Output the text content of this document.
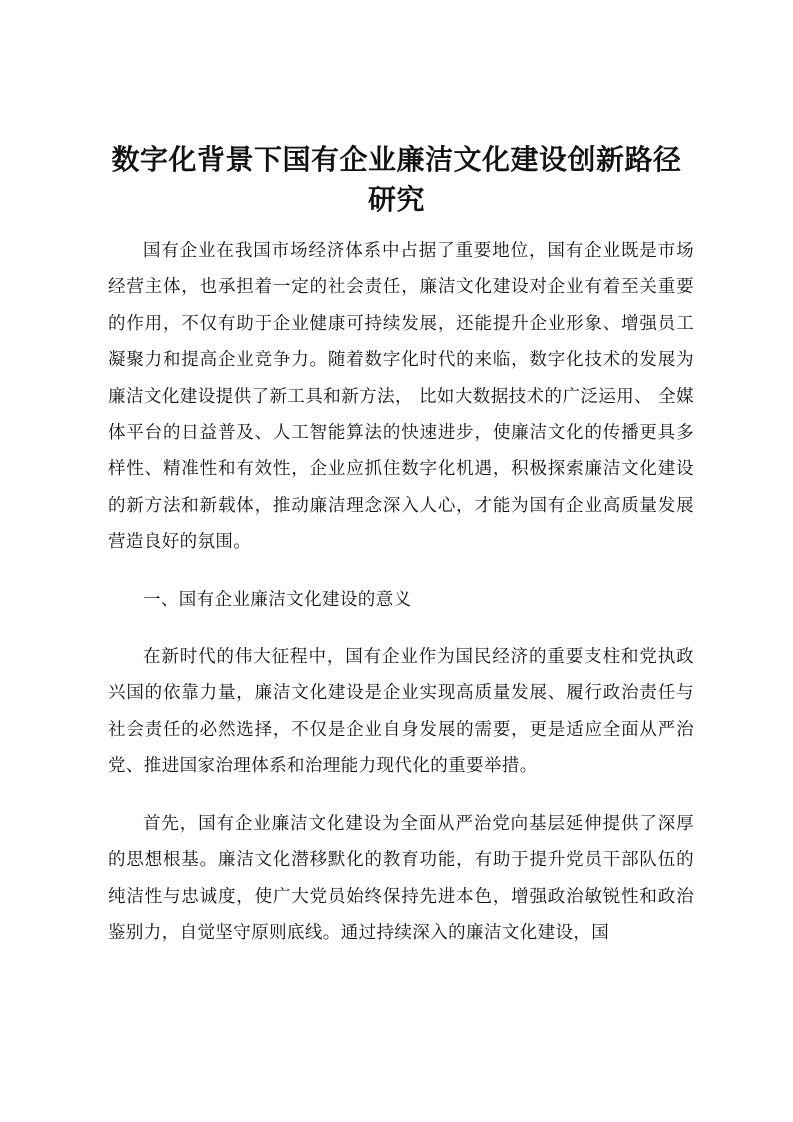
数字化背景下国有企业廉洁文化建设创新路径研究

国有企业在我国市场经济体系中占据了重要地位，国有企业既是市场经营主体，也承担着一定的社会责任，廉洁文化建设对企业有着至关重要的作用，不仅有助于企业健康可持续发展，还能提升企业形象、增强员工凝聚力和提高企业竞争力。随着数字化时代的来临，数字化技术的发展为廉洁文化建设提供了新工具和新方法， 比如大数据技术的广泛运用、 全媒体平台的日益普及、人工智能算法的快速进步，使廉洁文化的传播更具多样性、精准性和有效性，企业应抓住数字化机遇，积极探索廉洁文化建设的新方法和新载体，推动廉洁理念深入人心，才能为国有企业高质量发展营造良好的氛围。

一、国有企业廉洁文化建设的意义

在新时代的伟大征程中，国有企业作为国民经济的重要支柱和党执政兴国的依靠力量，廉洁文化建设是企业实现高质量发展、履行政治责任与社会责任的必然选择，不仅是企业自身发展的需要，更是适应全面从严治党、推进国家治理体系和治理能力现代化的重要举措。

首先，国有企业廉洁文化建设为全面从严治党向基层延伸提供了深厚的思想根基。廉洁文化潜移默化的教育功能，有助于提升党员干部队伍的纯洁性与忠诚度，使广大党员始终保持先进本色，增强政治敏锐性和政治鉴别力，自觉坚守原则底线。通过持续深入的廉洁文化建设，国
